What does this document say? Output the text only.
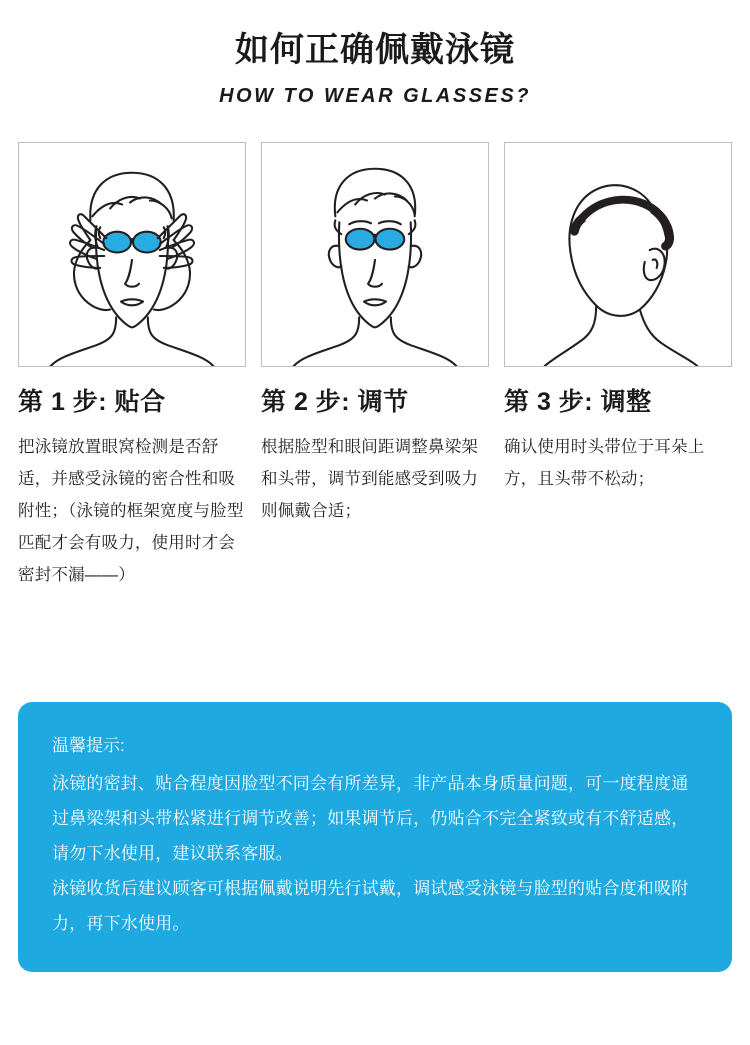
如何正确佩戴泳镜
HOW TO WEAR GLASSES?
第 1 步: 贴合
把泳镜放置眼窝检测是否舒适，并感受泳镜的密合性和吸附性；（泳镜的框架宽度与脸型匹配才会有吸力，使用时才会密封不漏——）
第 2 步: 调节
根据脸型和眼间距调整鼻梁架和头带，调节到能感受到吸力则佩戴合适；
第 3 步: 调整
确认使用时头带位于耳朵上方，且头带不松动；
温馨提示:
泳镜的密封、贴合程度因脸型不同会有所差异，非产品本身质量问题，可一度程度通过鼻梁架和头带松紧进行调节改善；如果调节后，仍贴合不完全紧致或有不舒适感，请勿下水使用，建议联系客服。
泳镜收货后建议顾客可根据佩戴说明先行试戴，调试感受泳镜与脸型的贴合度和吸附力，再下水使用。
